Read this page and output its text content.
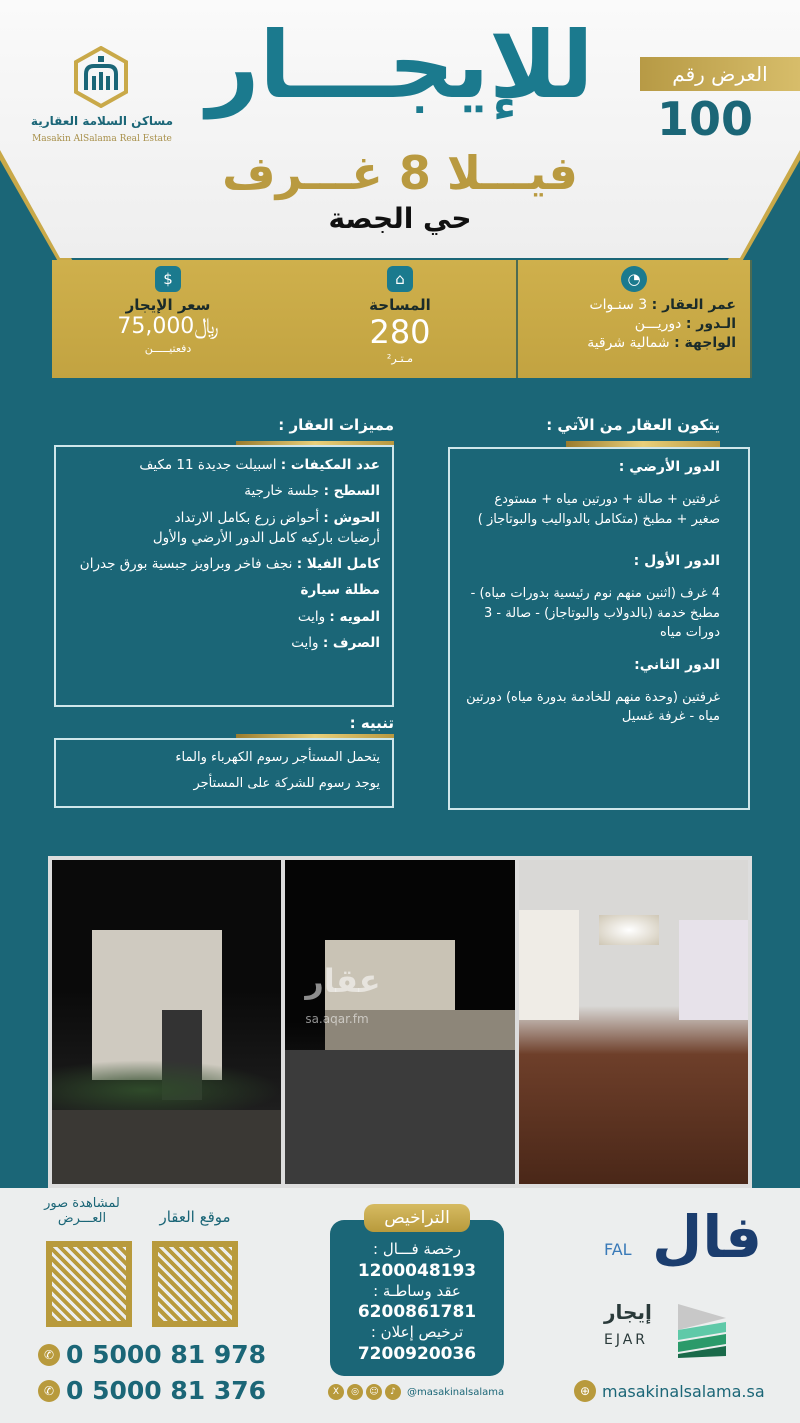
مساكن السلامة العقارية
Masakin AlSalama Real Estate
للإيجـــار
فيـــلا 8 غـــرف
حي الجصة
العرض رقم
100
$
سعر الإيجار
﷼75,000
دفعتيـــــن
⌂
المساحة
280
مـتـر²
◔
عمر العقار : 3 سنـوات
الـدور : دوريـــن
الواجهة : شمالية شرقية
مميزات العقار :

عدد المكيفات : اسبيلت جديدة 11 مكيف

السطح : جلسة خارجية

الحوش : أحواض زرع بكامل الارتداد

أرضيات باركيه كامل الدور الأرضي والأول

كامل الفيلا : نجف فاخر وبراويز جبسية بورق جدران

مظلة سيارة

المويه : وايت

الصرف : وايت

تنبيه :
يتحمل المستأجر رسوم الكهرباء والماء
يوجد رسوم للشركة على المستأجر
يتكون العقار من الآتي :
الدور الأرضي :

غرفتين + صالة + دورتين مياه + مستودع صغير + مطبخ (متكامل بالدواليب والبوتاجاز )

الدور الأول :

4 غرف (اثنين منهم نوم رئيسية بدورات مياه) - مطبخ خدمة (بالدولاب والبوتاجاز) - صالة - 3 دورات مياه

الدور الثاني:

غرفتين (وحدة منهم للخادمة بدورة مياه) دورتين مياه - غرفة غسيل

عقار
sa.aqar.fm
موقع العقار
لمشاهدة صور العـــرض
✆ 0 5000 81 978
✆ 0 5000 81 376
رخصة فـــال :
1200048193
عقد وساطـة :
6200861781
ترخيص إعلان :
7200920036
التراخيص
X	◎	☺	♪	@masakinalsalama
فال
FAL
إيجار
EJAR
⊕ masakinalsalama.sa
